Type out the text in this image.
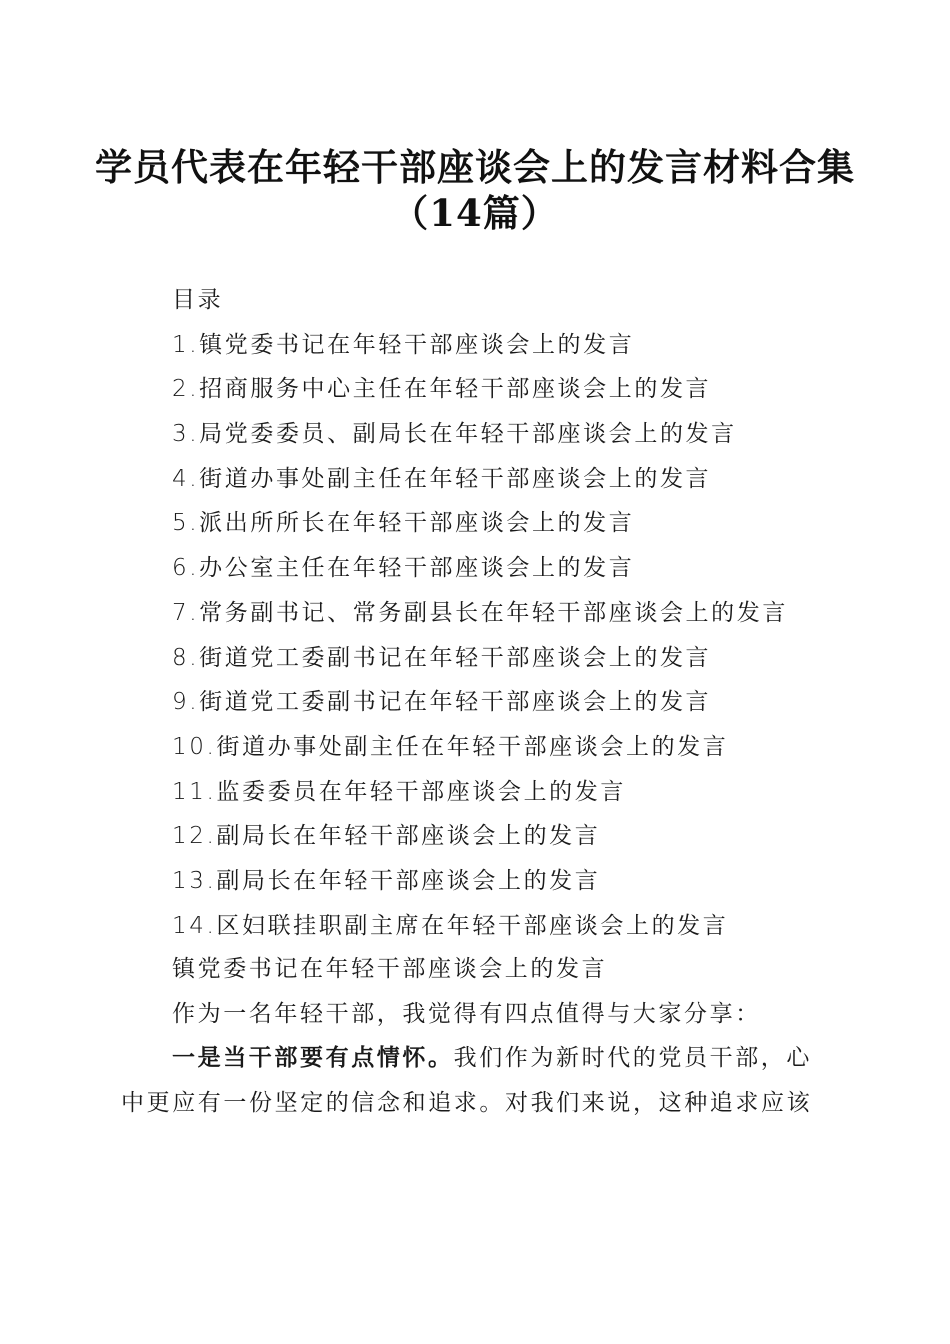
学员代表在年轻干部座谈会上的发言材料合集
（14篇）
目录
1.镇党委书记在年轻干部座谈会上的发言
2.招商服务中心主任在年轻干部座谈会上的发言
3.局党委委员、副局长在年轻干部座谈会上的发言
4.街道办事处副主任在年轻干部座谈会上的发言
5.派出所所长在年轻干部座谈会上的发言
6.办公室主任在年轻干部座谈会上的发言
7.常务副书记、常务副县长在年轻干部座谈会上的发言
8.街道党工委副书记在年轻干部座谈会上的发言
9.街道党工委副书记在年轻干部座谈会上的发言
10.街道办事处副主任在年轻干部座谈会上的发言
11.监委委员在年轻干部座谈会上的发言
12.副局长在年轻干部座谈会上的发言
13.副局长在年轻干部座谈会上的发言
14.区妇联挂职副主席在年轻干部座谈会上的发言
镇党委书记在年轻干部座谈会上的发言
作为一名年轻干部，我觉得有四点值得与大家分享：
一是当干部要有点情怀。我们作为新时代的党员干部，心
中更应有一份坚定的信念和追求。对我们来说，这种追求应该
